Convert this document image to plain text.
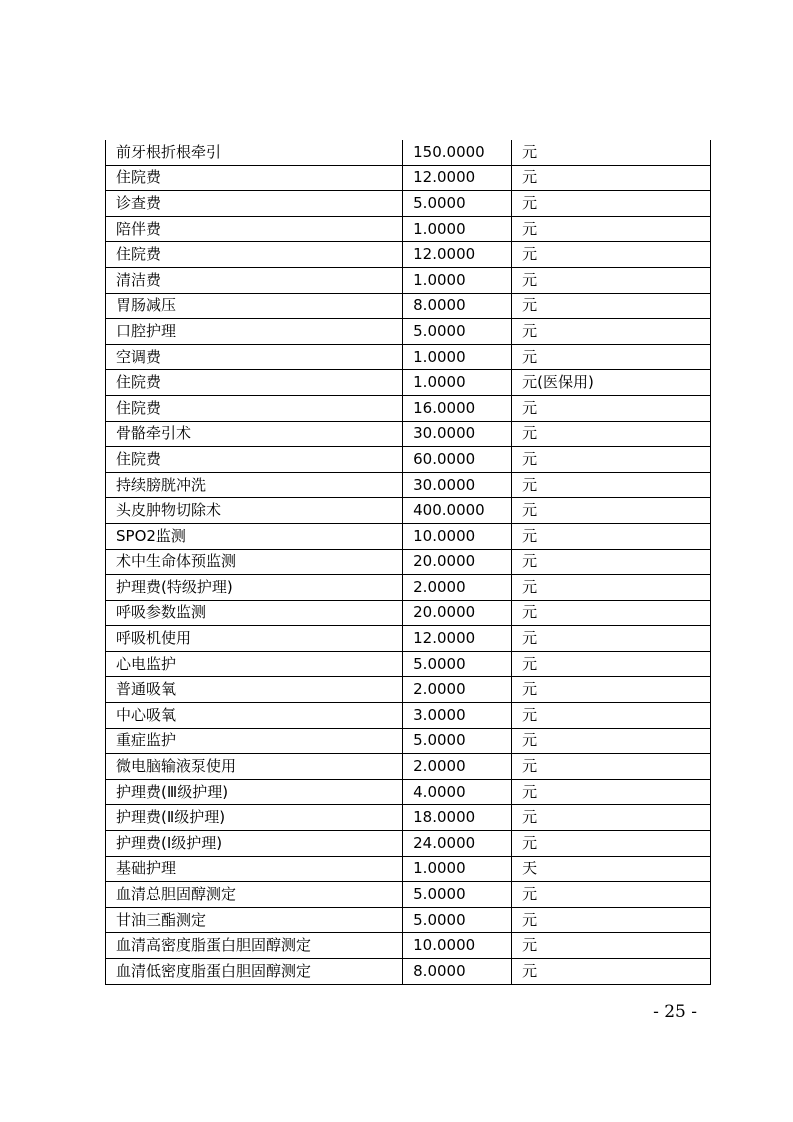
前牙根折根牵引	150.0000	元
住院费	12.0000	元
诊查费	5.0000	元
陪伴费	1.0000	元
住院费	12.0000	元
清洁费	1.0000	元
胃肠减压	8.0000	元
口腔护理	5.0000	元
空调费	1.0000	元
住院费	1.0000	元(医保用)
住院费	16.0000	元
骨骼牵引术	30.0000	元
住院费	60.0000	元
持续膀胱冲洗	30.0000	元
头皮肿物切除术	400.0000	元
SPO2监测	10.0000	元
术中生命体预监测	20.0000	元
护理费(特级护理)	2.0000	元
呼吸参数监测	20.0000	元
呼吸机使用	12.0000	元
心电监护	5.0000	元
普通吸氧	2.0000	元
中心吸氧	3.0000	元
重症监护	5.0000	元
微电脑输液泵使用	2.0000	元
护理费(Ⅲ级护理)	4.0000	元
护理费(Ⅱ级护理)	18.0000	元
护理费(Ⅰ级护理)	24.0000	元
基础护理	1.0000	天
血清总胆固醇测定	5.0000	元
甘油三酯测定	5.0000	元
血清高密度脂蛋白胆固醇测定	10.0000	元
血清低密度脂蛋白胆固醇测定	8.0000	元
- 25 -
